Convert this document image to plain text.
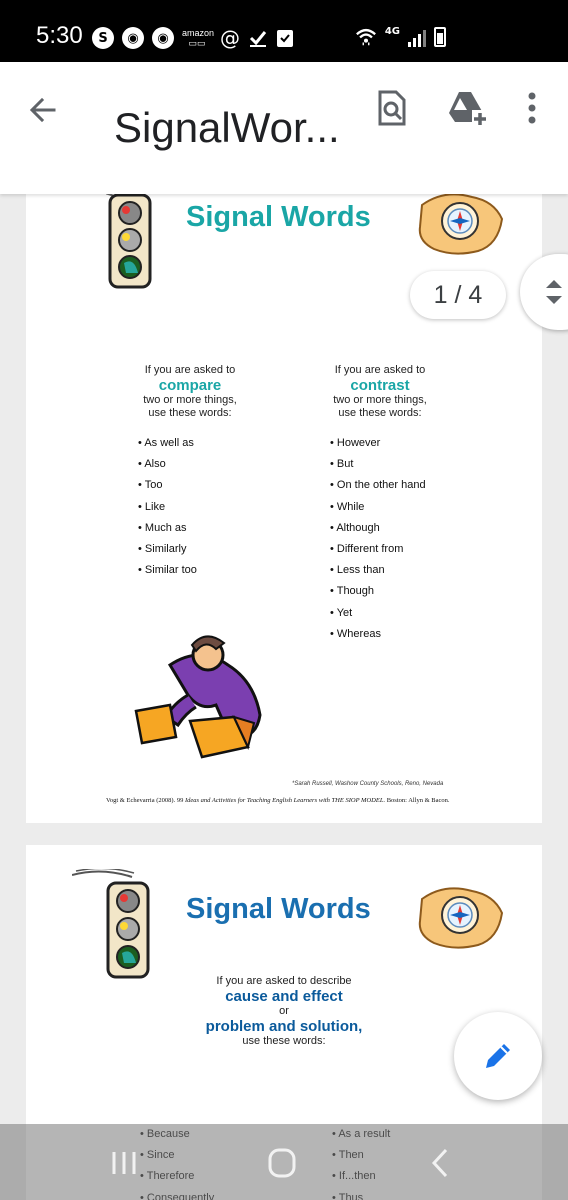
5:30	S	◉	◉	amazon
▭▭ @	4G
SignalWor...
Signal Words
If you are asked to
compare
two or more things,
use these words:
If you are asked to
contrast
two or more things,
use these words:
• As well as
• Also
• Too
• Like
• Much as
• Similarly
• Similar too
• However
• But
• On the other hand
• While
• Although
• Different from
• Less than
• Though
• Yet
• Whereas
*Sarah Russell, Washow County Schools, Reno, Nevada
Vogt & Echevarria (2008). 99 Ideas and Activities for Teaching English Learners with THE SIOP MODEL. Boston: Allyn & Bacon.
Signal Words
If you are asked to describe
cause and effect
or
problem and solution,
use these words:
•
•
•
•
•
•
•
•
1 / 4
